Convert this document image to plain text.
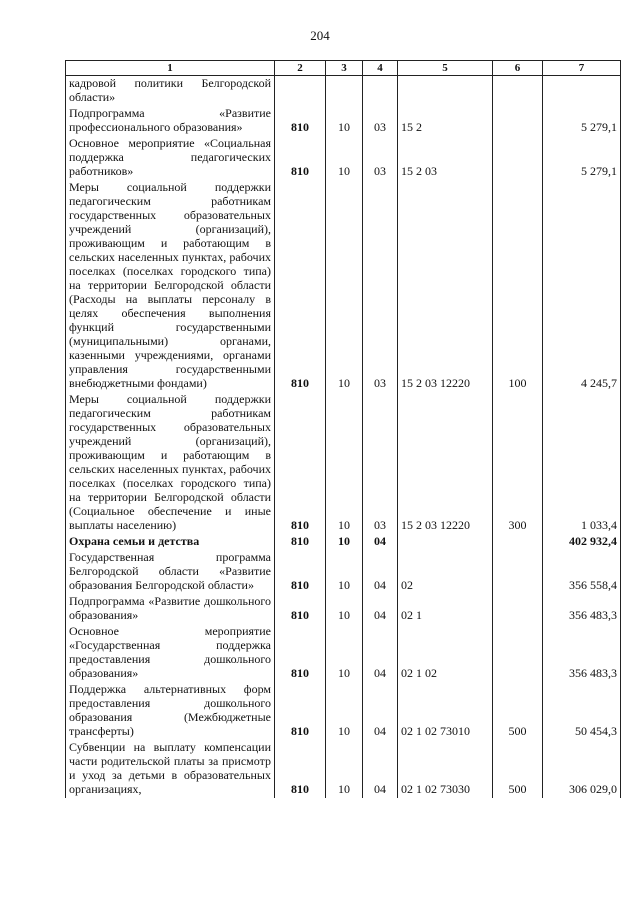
204
1	2	3	4	5	6	7
кадровой политики Белгородской области»						
Подпрограмма «Развитие профессионального образования»	810	10	03	15 2		5 279,1
Основное мероприятие «Социальная поддержка педагогических работников»	810	10	03	15 2 03		5 279,1
Меры социальной поддержки педагогическим работникам государственных образовательных учреждений (организаций), проживающим и работающим в сельских населенных пунктах, рабочих поселках (поселках городского типа) на территории Белгородской области (Расходы на выплаты персоналу в целях обеспечения выполнения функций государственными (муниципальными) органами, казенными учреждениями, органами управления государственными внебюджетными фондами)	810	10	03	15 2 03 12220	100	4 245,7
Меры социальной поддержки педагогическим работникам государственных образовательных учреждений (организаций), проживающим и работающим в сельских населенных пунктах, рабочих поселках (поселках городского типа) на территории Белгородской области (Социальное обеспечение и иные выплаты населению)	810	10	03	15 2 03 12220	300	1 033,4
Охрана семьи и детства	810	10	04			402 932,4
Государственная программа Белгородской области «Развитие образования Белгородской области»	810	10	04	02		356 558,4
Подпрограмма «Развитие дошкольного образования»	810	10	04	02 1		356 483,3
Основное мероприятие «Государственная поддержка предоставления дошкольного образования»	810	10	04	02 1 02		356 483,3
Поддержка альтернативных форм предоставления дошкольного образования (Межбюджетные трансферты)	810	10	04	02 1 02 73010	500	50 454,3
Субвенции на выплату компенсации части родительской платы за присмотр и уход за детьми в образовательных организациях,	810	10	04	02 1 02 73030	500	306 029,0
